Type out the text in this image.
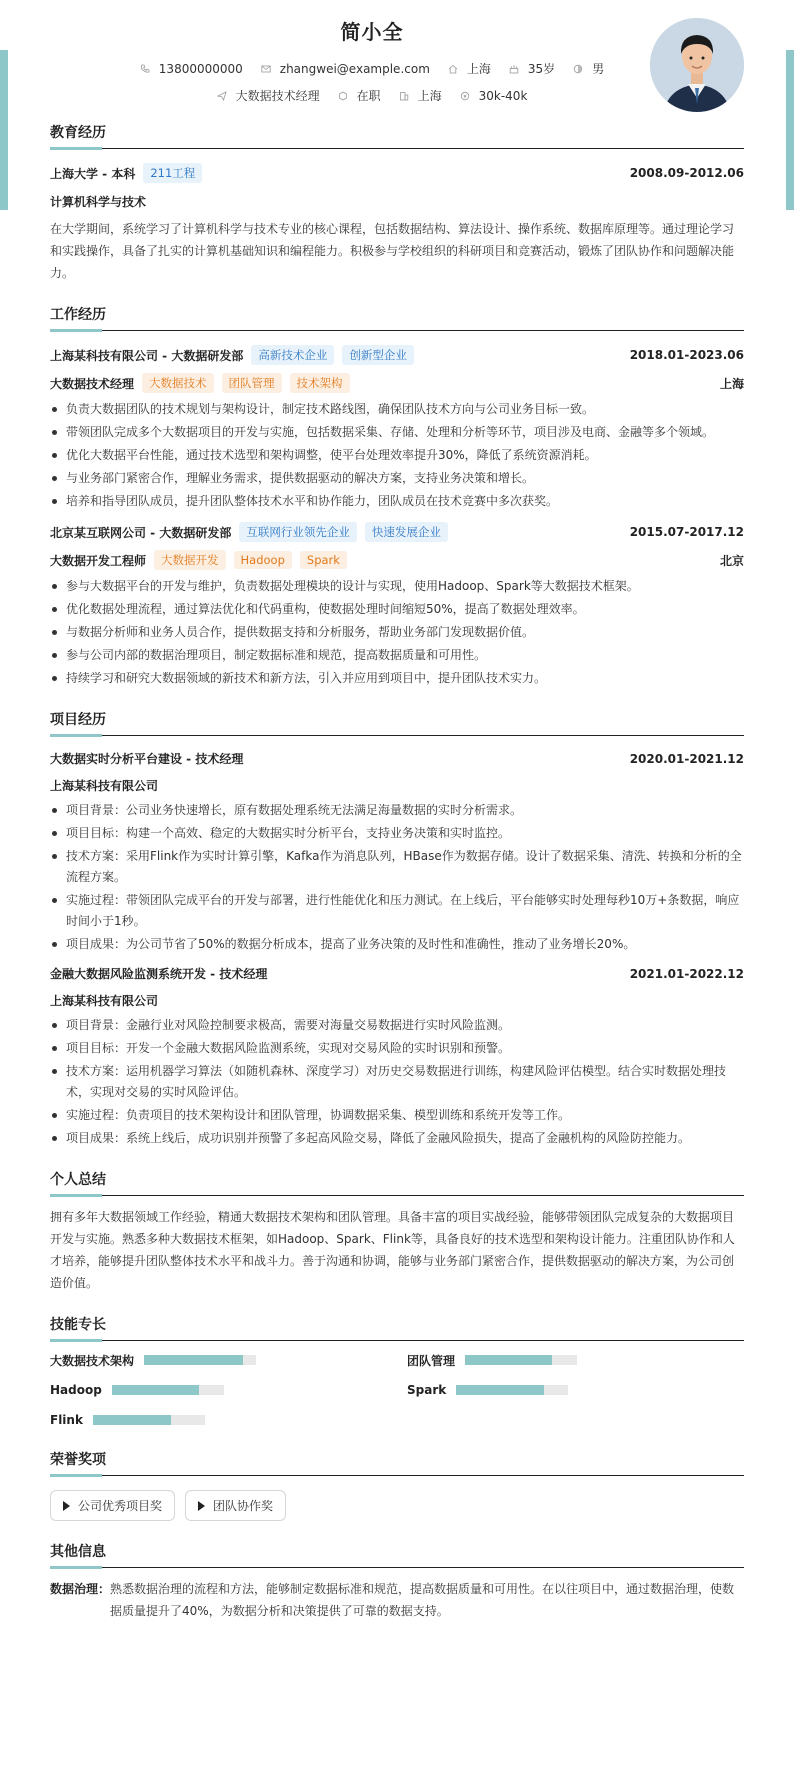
简小全
13800000000	zhangwei@example.com	上海	35岁	男
大数据技术经理	在职	上海	30k-40k
教育经历
上海大学 - 本科	211工程	2008.09-2012.06
计算机科学与技术
在大学期间，系统学习了计算机科学与技术专业的核心课程，包括数据结构、算法设计、操作系统、数据库原理等。通过理论学习和实践操作，具备了扎实的计算机基础知识和编程能力。积极参与学校组织的科研项目和竞赛活动，锻炼了团队协作和问题解决能力。
工作经历
上海某科技有限公司 - 大数据研发部	高新技术企业	创新型企业	2018.01-2023.06
大数据技术经理	大数据技术	团队管理	技术架构	上海
负责大数据团队的技术规划与架构设计，制定技术路线图，确保团队技术方向与公司业务目标一致。
带领团队完成多个大数据项目的开发与实施，包括数据采集、存储、处理和分析等环节，项目涉及电商、金融等多个领域。
优化大数据平台性能，通过技术选型和架构调整，使平台处理效率提升30%，降低了系统资源消耗。
与业务部门紧密合作，理解业务需求，提供数据驱动的解决方案，支持业务决策和增长。
培养和指导团队成员，提升团队整体技术水平和协作能力，团队成员在技术竞赛中多次获奖。
北京某互联网公司 - 大数据研发部	互联网行业领先企业	快速发展企业	2015.07-2017.12
大数据开发工程师	大数据开发	Hadoop	Spark	北京
参与大数据平台的开发与维护，负责数据处理模块的设计与实现，使用Hadoop、Spark等大数据技术框架。
优化数据处理流程，通过算法优化和代码重构，使数据处理时间缩短50%，提高了数据处理效率。
与数据分析师和业务人员合作，提供数据支持和分析服务，帮助业务部门发现数据价值。
参与公司内部的数据治理项目，制定数据标准和规范，提高数据质量和可用性。
持续学习和研究大数据领域的新技术和新方法，引入并应用到项目中，提升团队技术实力。
项目经历
大数据实时分析平台建设 - 技术经理	2020.01-2021.12
上海某科技有限公司
项目背景：公司业务快速增长，原有数据处理系统无法满足海量数据的实时分析需求。
项目目标：构建一个高效、稳定的大数据实时分析平台，支持业务决策和实时监控。
技术方案：采用Flink作为实时计算引擎，Kafka作为消息队列，HBase作为数据存储。设计了数据采集、清洗、转换和分析的全流程方案。
实施过程：带领团队完成平台的开发与部署，进行性能优化和压力测试。在上线后，平台能够实时处理每秒10万+条数据，响应时间小于1秒。
项目成果：为公司节省了50%的数据分析成本，提高了业务决策的及时性和准确性，推动了业务增长20%。
金融大数据风险监测系统开发 - 技术经理	2021.01-2022.12
上海某科技有限公司
项目背景：金融行业对风险控制要求极高，需要对海量交易数据进行实时风险监测。
项目目标：开发一个金融大数据风险监测系统，实现对交易风险的实时识别和预警。
技术方案：运用机器学习算法（如随机森林、深度学习）对历史交易数据进行训练，构建风险评估模型。结合实时数据处理技术，实现对交易的实时风险评估。
实施过程：负责项目的技术架构设计和团队管理，协调数据采集、模型训练和系统开发等工作。
项目成果：系统上线后，成功识别并预警了多起高风险交易，降低了金融风险损失，提高了金融机构的风险防控能力。
个人总结
拥有多年大数据领域工作经验，精通大数据技术架构和团队管理。具备丰富的项目实战经验，能够带领团队完成复杂的大数据项目开发与实施。熟悉多种大数据技术框架，如Hadoop、Spark、Flink等，具备良好的技术选型和架构设计能力。注重团队协作和人才培养，能够提升团队整体技术水平和战斗力。善于沟通和协调，能够与业务部门紧密合作，提供数据驱动的解决方案，为公司创造价值。
技能专长
大数据技术架构	团队管理
Hadoop	Spark
Flink
荣誉奖项
公司优秀项目奖	团队协作奖
其他信息
数据治理： 熟悉数据治理的流程和方法，能够制定数据标准和规范，提高数据质量和可用性。在以往项目中，通过数据治理，使数据质量提升了40%，为数据分析和决策提供了可靠的数据支持。
